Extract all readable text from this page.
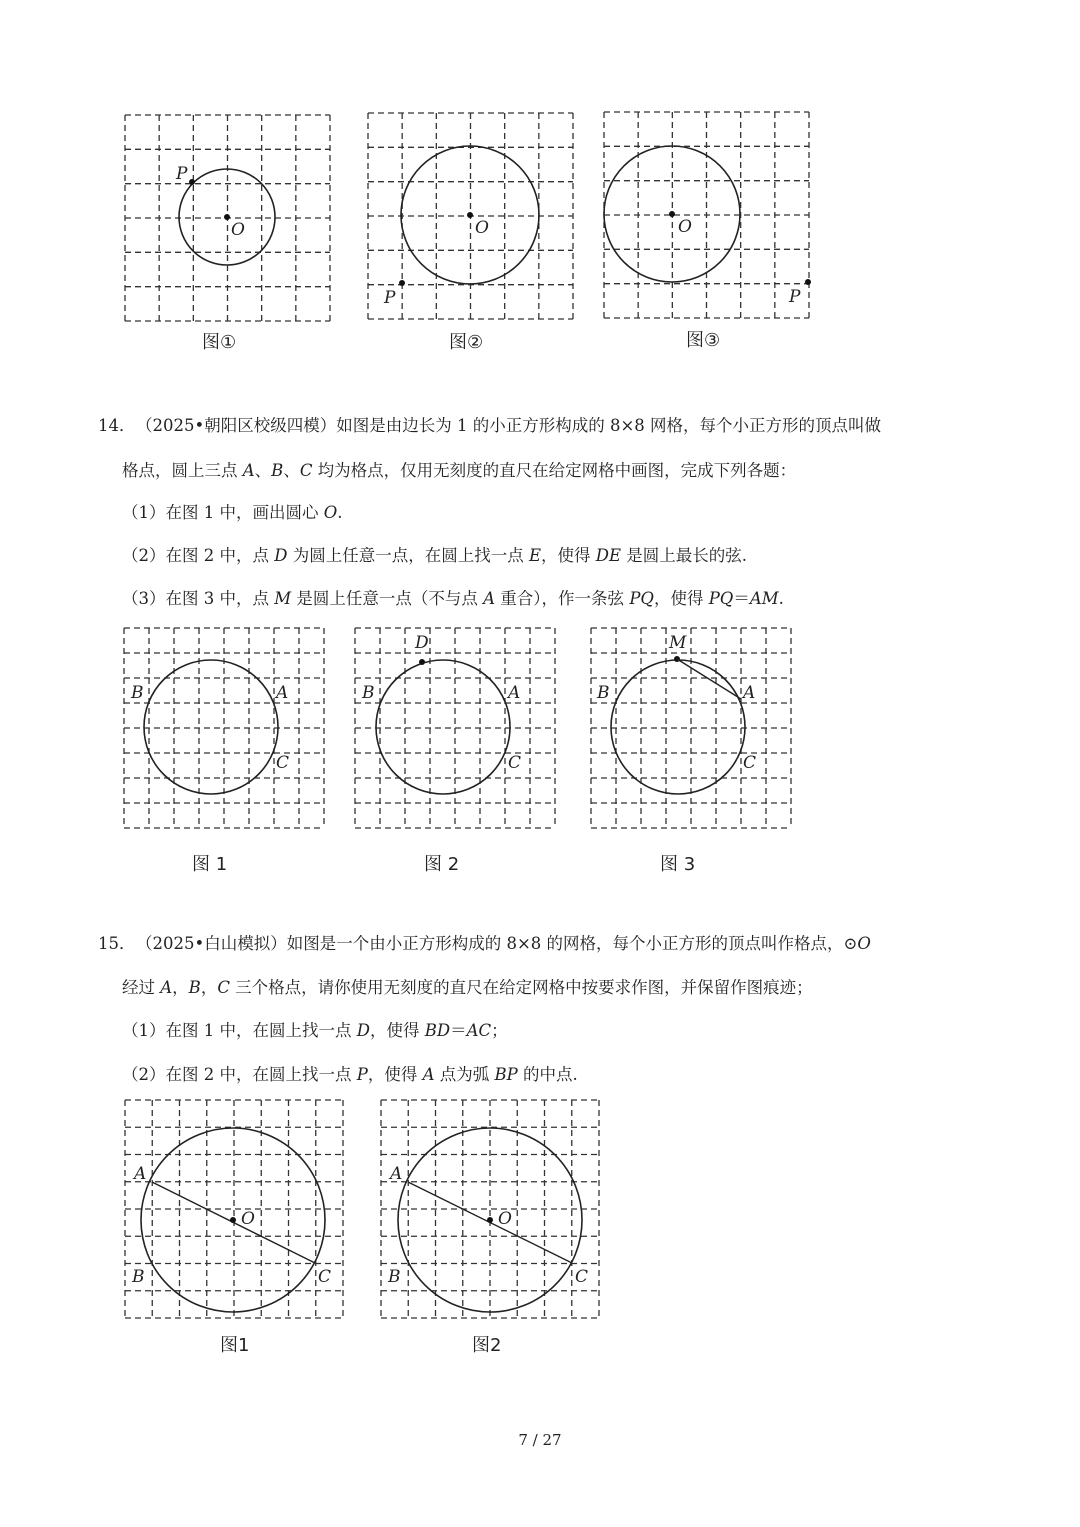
O
P
图①
O
P
图②
O
P
图③
14． （2025•朝阳区校级四模）如图是由边长为 1 的小正方形构成的 8×8 网格，每个小正方形的顶点叫做
格点，圆上三点 A、B、C 均为格点，仅用无刻度的直尺在给定网格中画图，完成下列各题：
（1）在图 1 中，画出圆心 O.
（2）在图 2 中，点 D 为圆上任意一点，在圆上找一点 E，使得 DE 是圆上最长的弦.
（3）在图 3 中，点 M 是圆上任意一点（不与点 A 重合），作一条弦 PQ，使得 PQ＝AM.
B	A
C
图 1
D
B	A
C
图 2
M
B	A
C
图 3
15． （2025•白山模拟）如图是一个由小正方形构成的 8×8 的网格，每个小正方形的顶点叫作格点，⊙O
经过 A，B，C 三个格点，请你使用无刻度的直尺在给定网格中按要求作图，并保留作图痕迹；
（1）在图 1 中，在圆上找一点 D，使得 BD＝AC；
（2）在图 2 中，在圆上找一点 P，使得 A 点为弧 BP 的中点.
A
O
B	C
图1
A
O
B	C
图2
7 / 27
